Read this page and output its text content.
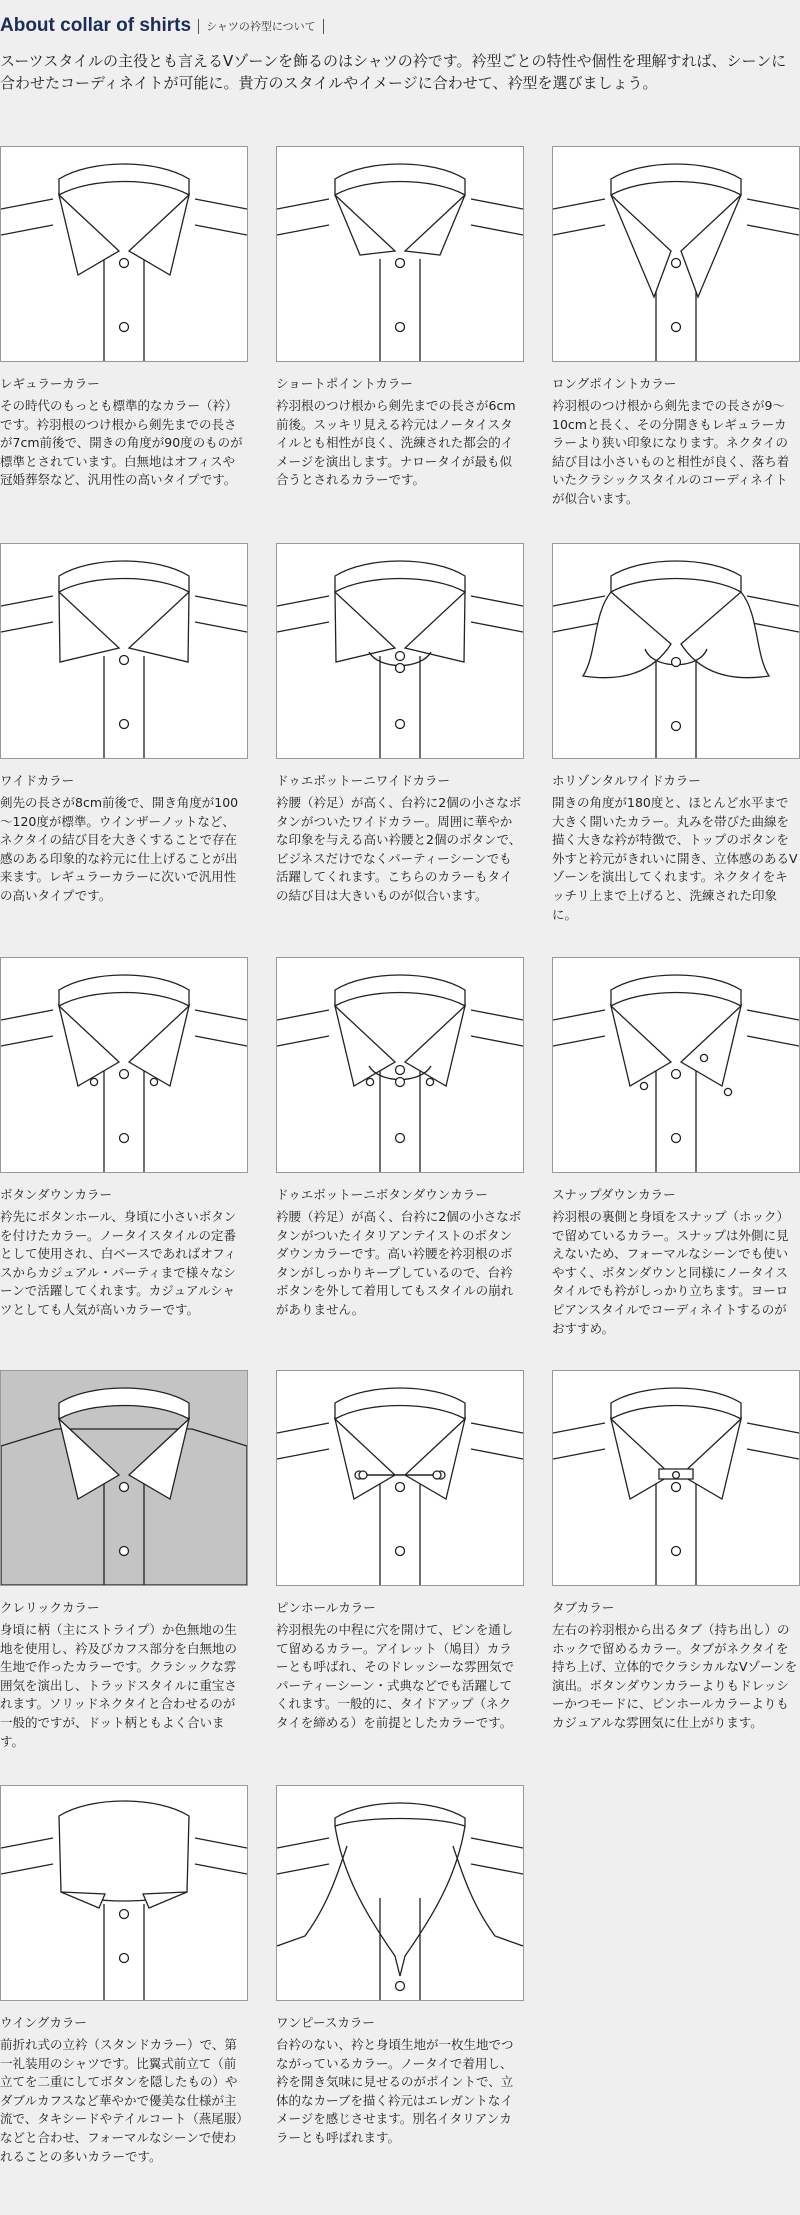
About collar of shirts シャツの衿型について

スーツスタイルの主役とも言えるVゾーンを飾るのはシャツの衿です。衿型ごとの特性や個性を理解すれば、シーンに合わせたコーディネイトが可能に。貴方のスタイルやイメージに合わせて、衿型を選びましょう。

レギュラーカラー
その時代のもっとも標準的なカラー（衿）です。衿羽根のつけ根から剣先までの長さが7cm前後で、開きの角度が90度のものが標準とされています。白無地はオフィスや冠婚葬祭など、汎用性の高いタイプです。
ショートポイントカラー
衿羽根のつけ根から剣先までの長さが6cm前後。スッキリ見える衿元はノータイスタイルとも相性が良く、洗練された都会的イメージを演出します。ナロータイが最も似合うとされるカラーです。
ロングポイントカラー
衿羽根のつけ根から剣先までの長さが9～10cmと長く、その分開きもレギュラーカラーより狭い印象になります。ネクタイの結び目は小さいものと相性が良く、落ち着いたクラシックスタイルのコーディネイトが似合います。
ワイドカラー
剣先の長さが8cm前後で、開き角度が100～120度が標準。ウインザーノットなど、ネクタイの結び目を大きくすることで存在感のある印象的な衿元に仕上げることが出来ます。レギュラーカラーに次いで汎用性の高いタイプです。
ドゥエボットーニワイドカラー
衿腰（衿足）が高く、台衿に2個の小さなボタンがついたワイドカラー。周囲に華やかな印象を与える高い衿腰と2個のボタンで、ビジネスだけでなくパーティーシーンでも活躍してくれます。こちらのカラーもタイの結び目は大きいものが似合います。
ホリゾンタルワイドカラー
開きの角度が180度と、ほとんど水平まで大きく開いたカラー。丸みを帯びた曲線を描く大きな衿が特徴で、トップのボタンを外すと衿元がきれいに開き、立体感のあるVゾーンを演出してくれます。ネクタイをキッチリ上まで上げると、洗練された印象に。
ボタンダウンカラー
衿先にボタンホール、身頃に小さいボタンを付けたカラー。ノータイスタイルの定番として使用され、白ベースであればオフィスからカジュアル・パーティまで様々なシーンで活躍してくれます。カジュアルシャツとしても人気が高いカラーです。
ドゥエボットーニボタンダウンカラー
衿腰（衿足）が高く、台衿に2個の小さなボタンがついたイタリアンテイストのボタンダウンカラーです。高い衿腰を衿羽根のボタンがしっかりキープしているので、台衿ボタンを外して着用してもスタイルの崩れがありません。
スナップダウンカラー
衿羽根の裏側と身頃をスナップ（ホック）で留めているカラー。スナップは外側に見えないため、フォーマルなシーンでも使いやすく、ボタンダウンと同様にノータイスタイルでも衿がしっかり立ちます。ヨーロピアンスタイルでコーディネイトするのがおすすめ。
クレリックカラー
身頃に柄（主にストライプ）か色無地の生地を使用し、衿及びカフス部分を白無地の生地で作ったカラーです。クラシックな雰囲気を演出し、トラッドスタイルに重宝されます。ソリッドネクタイと合わせるのが一般的ですが、ドット柄ともよく合います。
ピンホールカラー
衿羽根先の中程に穴を開けて、ピンを通して留めるカラー。アイレット（鳩目）カラーとも呼ばれ、そのドレッシーな雰囲気でパーティーシーン・式典などでも活躍してくれます。一般的に、タイドアップ（ネクタイを締める）を前提としたカラーです。
タブカラー
左右の衿羽根から出るタブ（持ち出し）のホックで留めるカラー。タブがネクタイを持ち上げ、立体的でクラシカルなVゾーンを演出。ボタンダウンカラーよりもドレッシーかつモードに、ピンホールカラーよりもカジュアルな雰囲気に仕上がります。
ウイングカラー
前折れ式の立衿（スタンドカラー）で、第一礼装用のシャツです。比翼式前立て（前立てを二重にしてボタンを隠したもの）やダブルカフスなど華やかで優美な仕様が主流で、タキシードやテイルコート（燕尾服）などと合わせ、フォーマルなシーンで使われることの多いカラーです。
ワンピースカラー
台衿のない、衿と身頃生地が一枚生地でつながっているカラー。ノータイで着用し、衿を開き気味に見せるのがポイントで、立体的なカーブを描く衿元はエレガントなイメージを感じさせます。別名イタリアンカラーとも呼ばれます。
